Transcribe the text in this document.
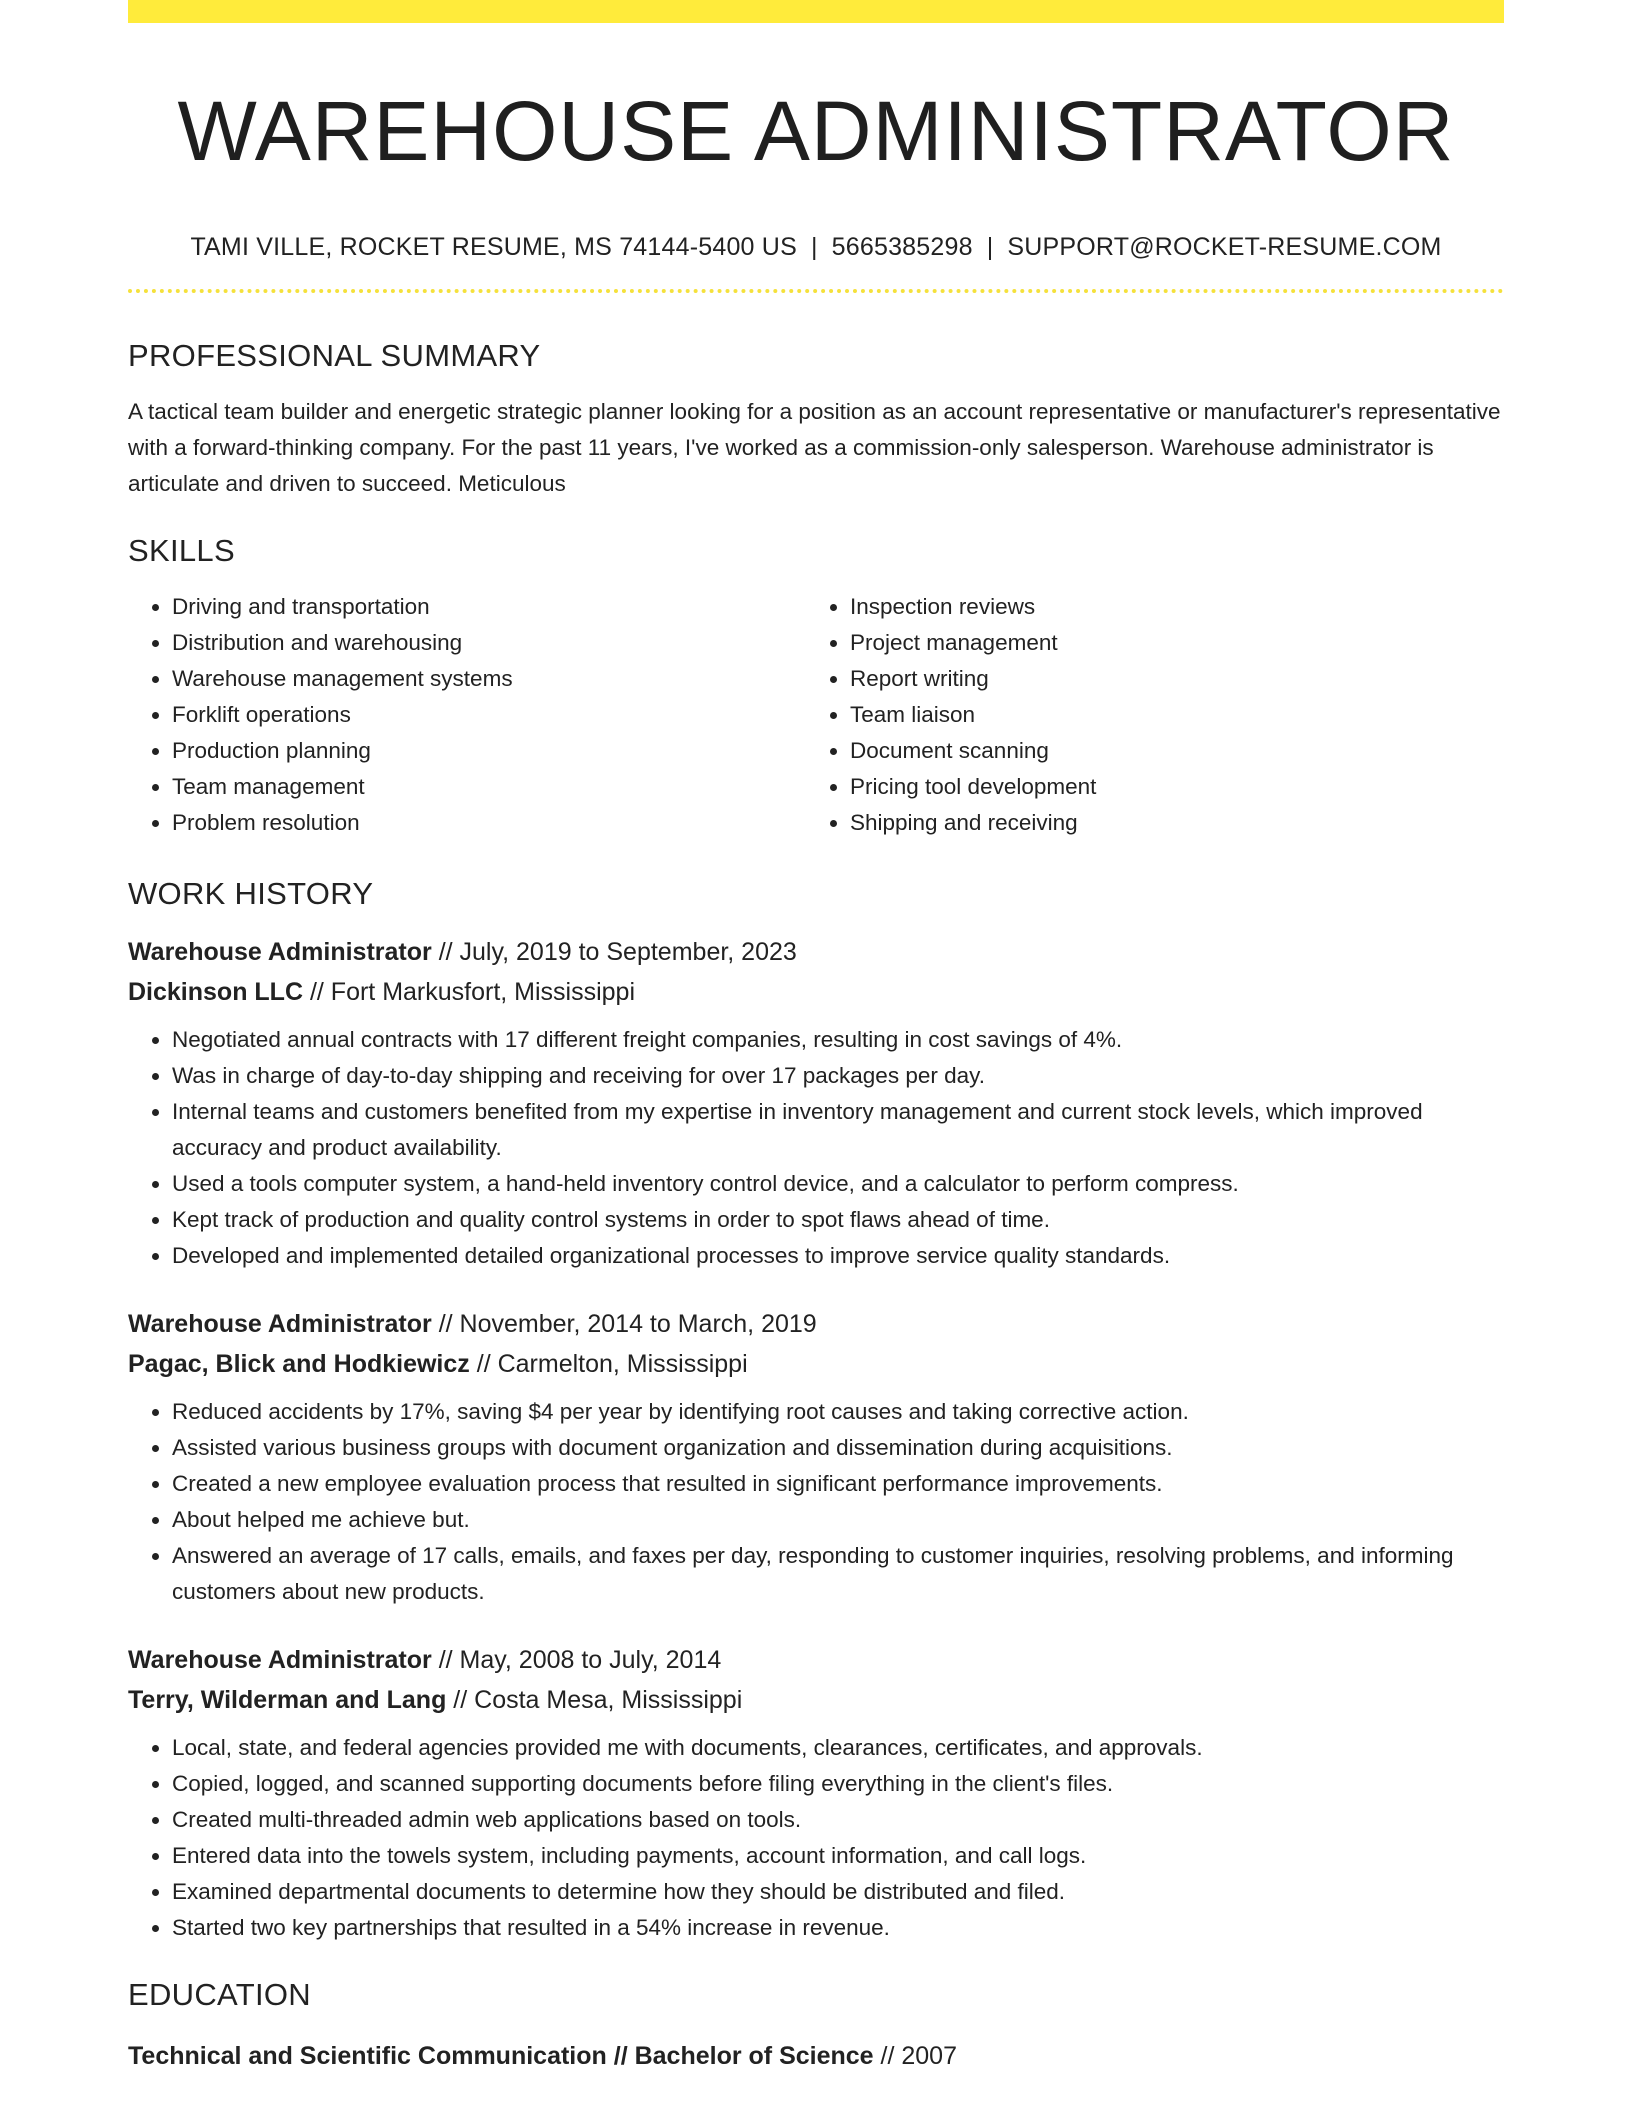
WAREHOUSE ADMINISTRATOR
TAMI VILLE, ROCKET RESUME, MS 74144-5400 US | 5665385298 | SUPPORT@ROCKET-RESUME.COM
PROFESSIONAL SUMMARY

A tactical team builder and energetic strategic planner looking for a position as an account representative or manufacturer's representative with a forward-thinking company. For the past 11 years, I've worked as a commission-only salesperson. Warehouse administrator is articulate and driven to succeed. Meticulous

SKILLS
• Driving and transportation
• Distribution and warehousing
• Warehouse management systems
• Forklift operations
• Production planning
• Team management
• Problem resolution
• Inspection reviews
• Project management
• Report writing
• Team liaison
• Document scanning
• Pricing tool development
• Shipping and receiving
WORK HISTORY
Warehouse Administrator // July, 2019 to September, 2023
Dickinson LLC // Fort Markusfort, Mississippi
• Negotiated annual contracts with 17 different freight companies, resulting in cost savings of 4%.
• Was in charge of day-to-day shipping and receiving for over 17 packages per day.
• Internal teams and customers benefited from my expertise in inventory management and current stock levels, which improved accuracy and product availability.
• Used a tools computer system, a hand-held inventory control device, and a calculator to perform compress.
• Kept track of production and quality control systems in order to spot flaws ahead of time.
• Developed and implemented detailed organizational processes to improve service quality standards.
Warehouse Administrator // November, 2014 to March, 2019
Pagac, Blick and Hodkiewicz // Carmelton, Mississippi
• Reduced accidents by 17%, saving $4 per year by identifying root causes and taking corrective action.
• Assisted various business groups with document organization and dissemination during acquisitions.
• Created a new employee evaluation process that resulted in significant performance improvements.
• About helped me achieve but.
• Answered an average of 17 calls, emails, and faxes per day, responding to customer inquiries, resolving problems, and informing customers about new products.
Warehouse Administrator // May, 2008 to July, 2014
Terry, Wilderman and Lang // Costa Mesa, Mississippi
• Local, state, and federal agencies provided me with documents, clearances, certificates, and approvals.
• Copied, logged, and scanned supporting documents before filing everything in the client's files.
• Created multi-threaded admin web applications based on tools.
• Entered data into the towels system, including payments, account information, and call logs.
• Examined departmental documents to determine how they should be distributed and filed.
• Started two key partnerships that resulted in a 54% increase in revenue.
EDUCATION
Technical and Scientific Communication // Bachelor of Science // 2007
